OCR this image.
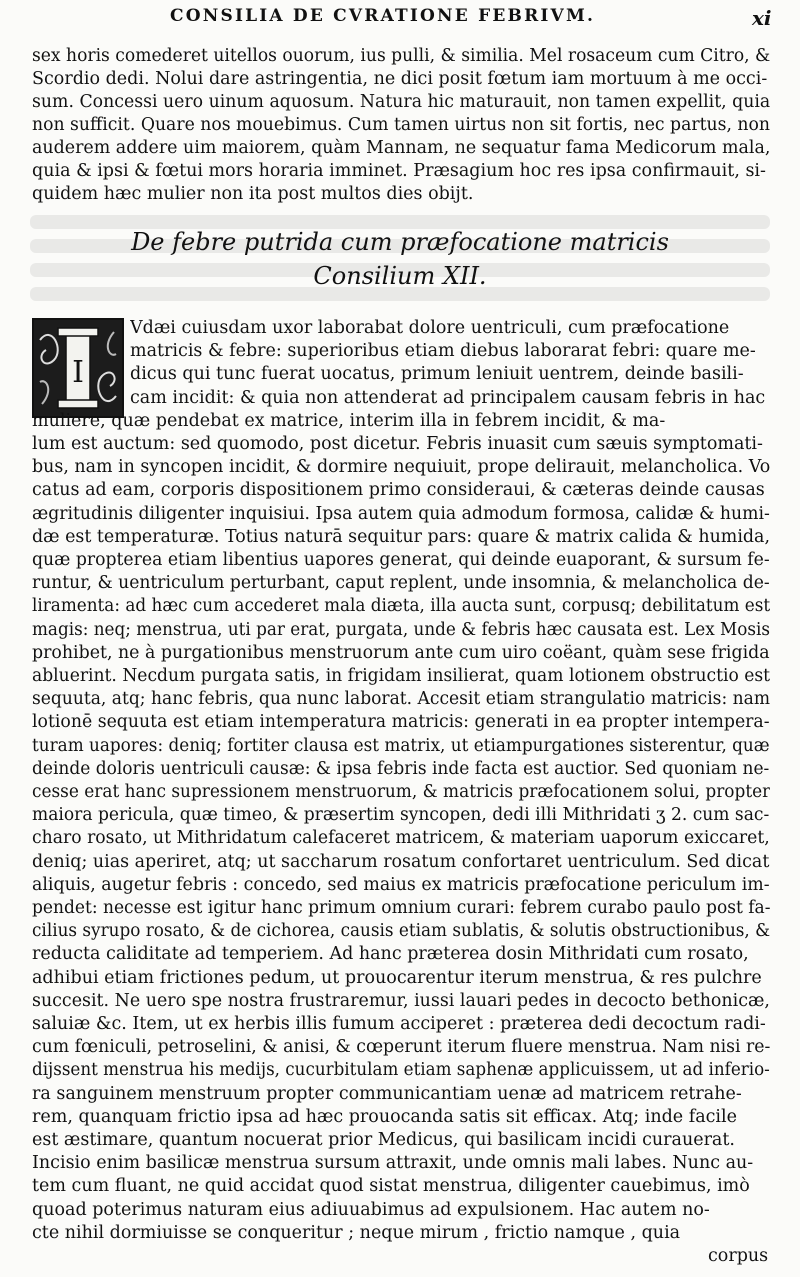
CONSILIA DE CVRATIONE FEBRIVM.	xi
sex horis comederet uitellos ouorum, ius pulli, & similia. Mel rosaceum cum Citro, &
Scordio dedi. Nolui dare astringentia, ne dici posit fœtum iam mortuum à me occi-
sum. Concessi uero uinum aquosum. Natura hic maturauit, non tamen expellit, quia
non sufficit. Quare nos mouebimus. Cum tamen uirtus non sit fortis, nec partus, non
auderem addere uim maiorem, quàm Mannam, ne sequatur fama Medicorum mala,
quia & ipsi & fœtui mors horaria imminet. Præsagium hoc res ipsa confirmauit, si-
quidem hæc mulier non ita post multos dies obijt.
De febre putrida cum præfocatione matricis
Consilium XII.
I
Vdæi cuiusdam uxor laborabat dolore uentriculi, cum præfocatione
matricis & febre: superioribus etiam diebus laborarat febri: quare me-
dicus qui tunc fuerat uocatus, primum leniuit uentrem, deinde basili-
cam incidit: & quia non attenderat ad principalem causam febris in hac
muliere, quæ pendebat ex matrice, interim illa in febrem incidit, & ma-
lum est auctum: sed quomodo, post dicetur. Febris inuasit cum sæuis symptomati-
bus, nam in syncopen incidit, & dormire nequiuit, prope delirauit, melancholica. Vo
catus ad eam, corporis dispositionem primo consideraui, & cæteras deinde causas
ægritudinis diligenter inquisiui. Ipsa autem quia admodum formosa, calidæ & humi-
dæ est temperaturæ. Totius naturā sequitur pars: quare & matrix calida & humida,
quæ propterea etiam libentius uapores generat, qui deinde euaporant, & sursum fe-
runtur, & uentriculum perturbant, caput replent, unde insomnia, & melancholica de-
liramenta: ad hæc cum accederet mala diæta, illa aucta sunt, corpusq; debilitatum est
magis: neq; menstrua, uti par erat, purgata, unde & febris hæc causata est. Lex Mosis
prohibet, ne à purgationibus menstruorum ante cum uiro coëant, quàm sese frigida
abluerint. Necdum purgata satis, in frigidam insilierat, quam lotionem obstructio est
sequuta, atq; hanc febris, qua nunc laborat. Accesit etiam strangulatio matricis: nam
lotionē sequuta est etiam intemperatura matricis: generati in ea propter intempera-
turam uapores: deniq; fortiter clausa est matrix, ut etiampurgationes sisterentur, quæ
deinde doloris uentriculi causæ: & ipsa febris inde facta est auctior. Sed quoniam ne-
cesse erat hanc supressionem menstruorum, & matricis præfocationem solui, propter
maiora pericula, quæ timeo, & præsertim syncopen, dedi illi Mithridati ʒ 2. cum sac-
charo rosato, ut Mithridatum calefaceret matricem, & materiam uaporum exiccaret,
deniq; uias aperiret, atq; ut saccharum rosatum confortaret uentriculum. Sed dicat
aliquis, augetur febris : concedo, sed maius ex matricis præfocatione periculum im-
pendet: necesse est igitur hanc primum omnium curari: febrem curabo paulo post fa-
cilius syrupo rosato, & de cichorea, causis etiam sublatis, & solutis obstructionibus, &
reducta caliditate ad temperiem. Ad hanc præterea dosin Mithridati cum rosato,
adhibui etiam frictiones pedum, ut prouocarentur iterum menstrua, & res pulchre
succesit. Ne uero spe nostra frustraremur, iussi lauari pedes in decocto bethonicæ,
saluiæ &c. Item, ut ex herbis illis fumum acciperet : præterea dedi decoctum radi-
cum fœniculi, petroselini, & anisi, & cœperunt iterum fluere menstrua. Nam nisi re-
dijssent menstrua his medijs, cucurbitulam etiam saphenæ applicuissem, ut ad inferio-
ra sanguinem menstruum propter communicantiam uenæ ad matricem retrahe-
rem, quanquam frictio ipsa ad hæc prouocanda satis sit efficax. Atq; inde facile
est æstimare, quantum nocuerat prior Medicus, qui basilicam incidi curauerat.
Incisio enim basilicæ menstrua sursum attraxit, unde omnis mali labes. Nunc au-
tem cum fluant, ne quid accidat quod sistat menstrua, diligenter cauebimus, imò
quoad poterimus naturam eius adiuuabimus ad expulsionem. Hac autem no-
cte nihil dormiuisse se conqueritur ; neque mirum , frictio namque , quia
corpus
